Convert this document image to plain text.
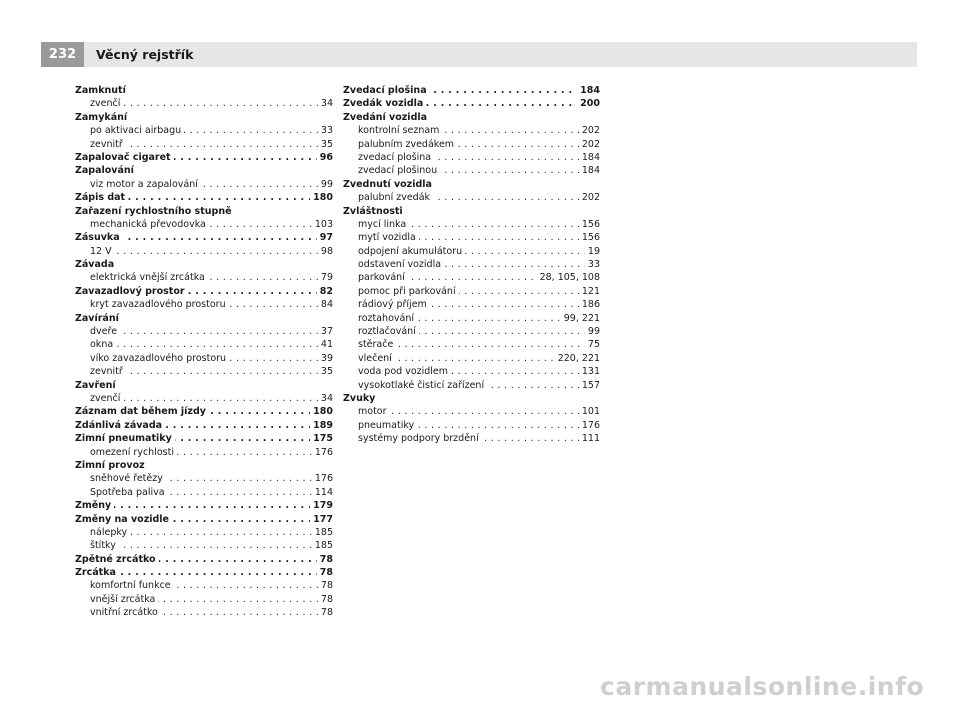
232	Věcný rejstřík
Zamknutí
. . . zvenčí	34
Zamykání
. . . po aktivaci airbagu	33
. . . zevnitř	35
. . . Zapalovač cigaret	96
Zapalování
. . . viz motor a zapalování	99
. . . Zápis dat	180
Zařazení rychlostního stupně
. . . mechanická převodovka	103
. . . Zásuvka	97
. . . 12 V	98
Závada
. . . elektrická vnější zrcátka	79
. . . Zavazadlový prostor	82
. . . kryt zavazadlového prostoru	84
Zavírání
. . . dveře	37
. . . okna	41
. . . víko zavazadlového prostoru	39
. . . zevnitř	35
Zavření
. . . zvenčí	34
. . . Záznam dat během jízdy	180
. . . Zdánlivá závada	189
. . . Zimní pneumatiky	175
. . . omezení rychlosti	176
Zimní provoz
. . . sněhové řetězy	176
. . . Spotřeba paliva	114
. . . Změny	179
. . . Změny na vozidle	177
. . . nálepky	185
. . . štítky	185
. . . Zpětné zrcátko	78
. . . Zrcátka	78
. . . komfortní funkce	78
. . . vnější zrcátka	78
. . . vnitřní zrcátko	78
. . . Zvedací plošina	184
. . . Zvedák vozidla	200
Zvedání vozidla
. . . kontrolní seznam	202
. . . palubním zvedákem	202
. . . zvedací plošina	184
. . . zvedací plošinou	184
Zvednutí vozidla
. . . palubní zvedák	202
Zvláštnosti
. . . mycí linka	156
. . . mytí vozidla	156
. . . odpojení akumulátoru	19
. . . odstavení vozidla	33
. . . parkování	28, 105, 108
. . . pomoc při parkování	121
. . . rádiový příjem	186
. . . roztahování	99, 221
. . . roztlačování	99
. . . stěrače	75
. . . vlečení	220, 221
. . . voda pod vozidlem	131
. . . vysokotlaké čisticí zařízení	157
Zvuky
. . . motor	101
. . . pneumatiky	176
. . . systémy podpory brzdění	111
carmanualsonline.info
